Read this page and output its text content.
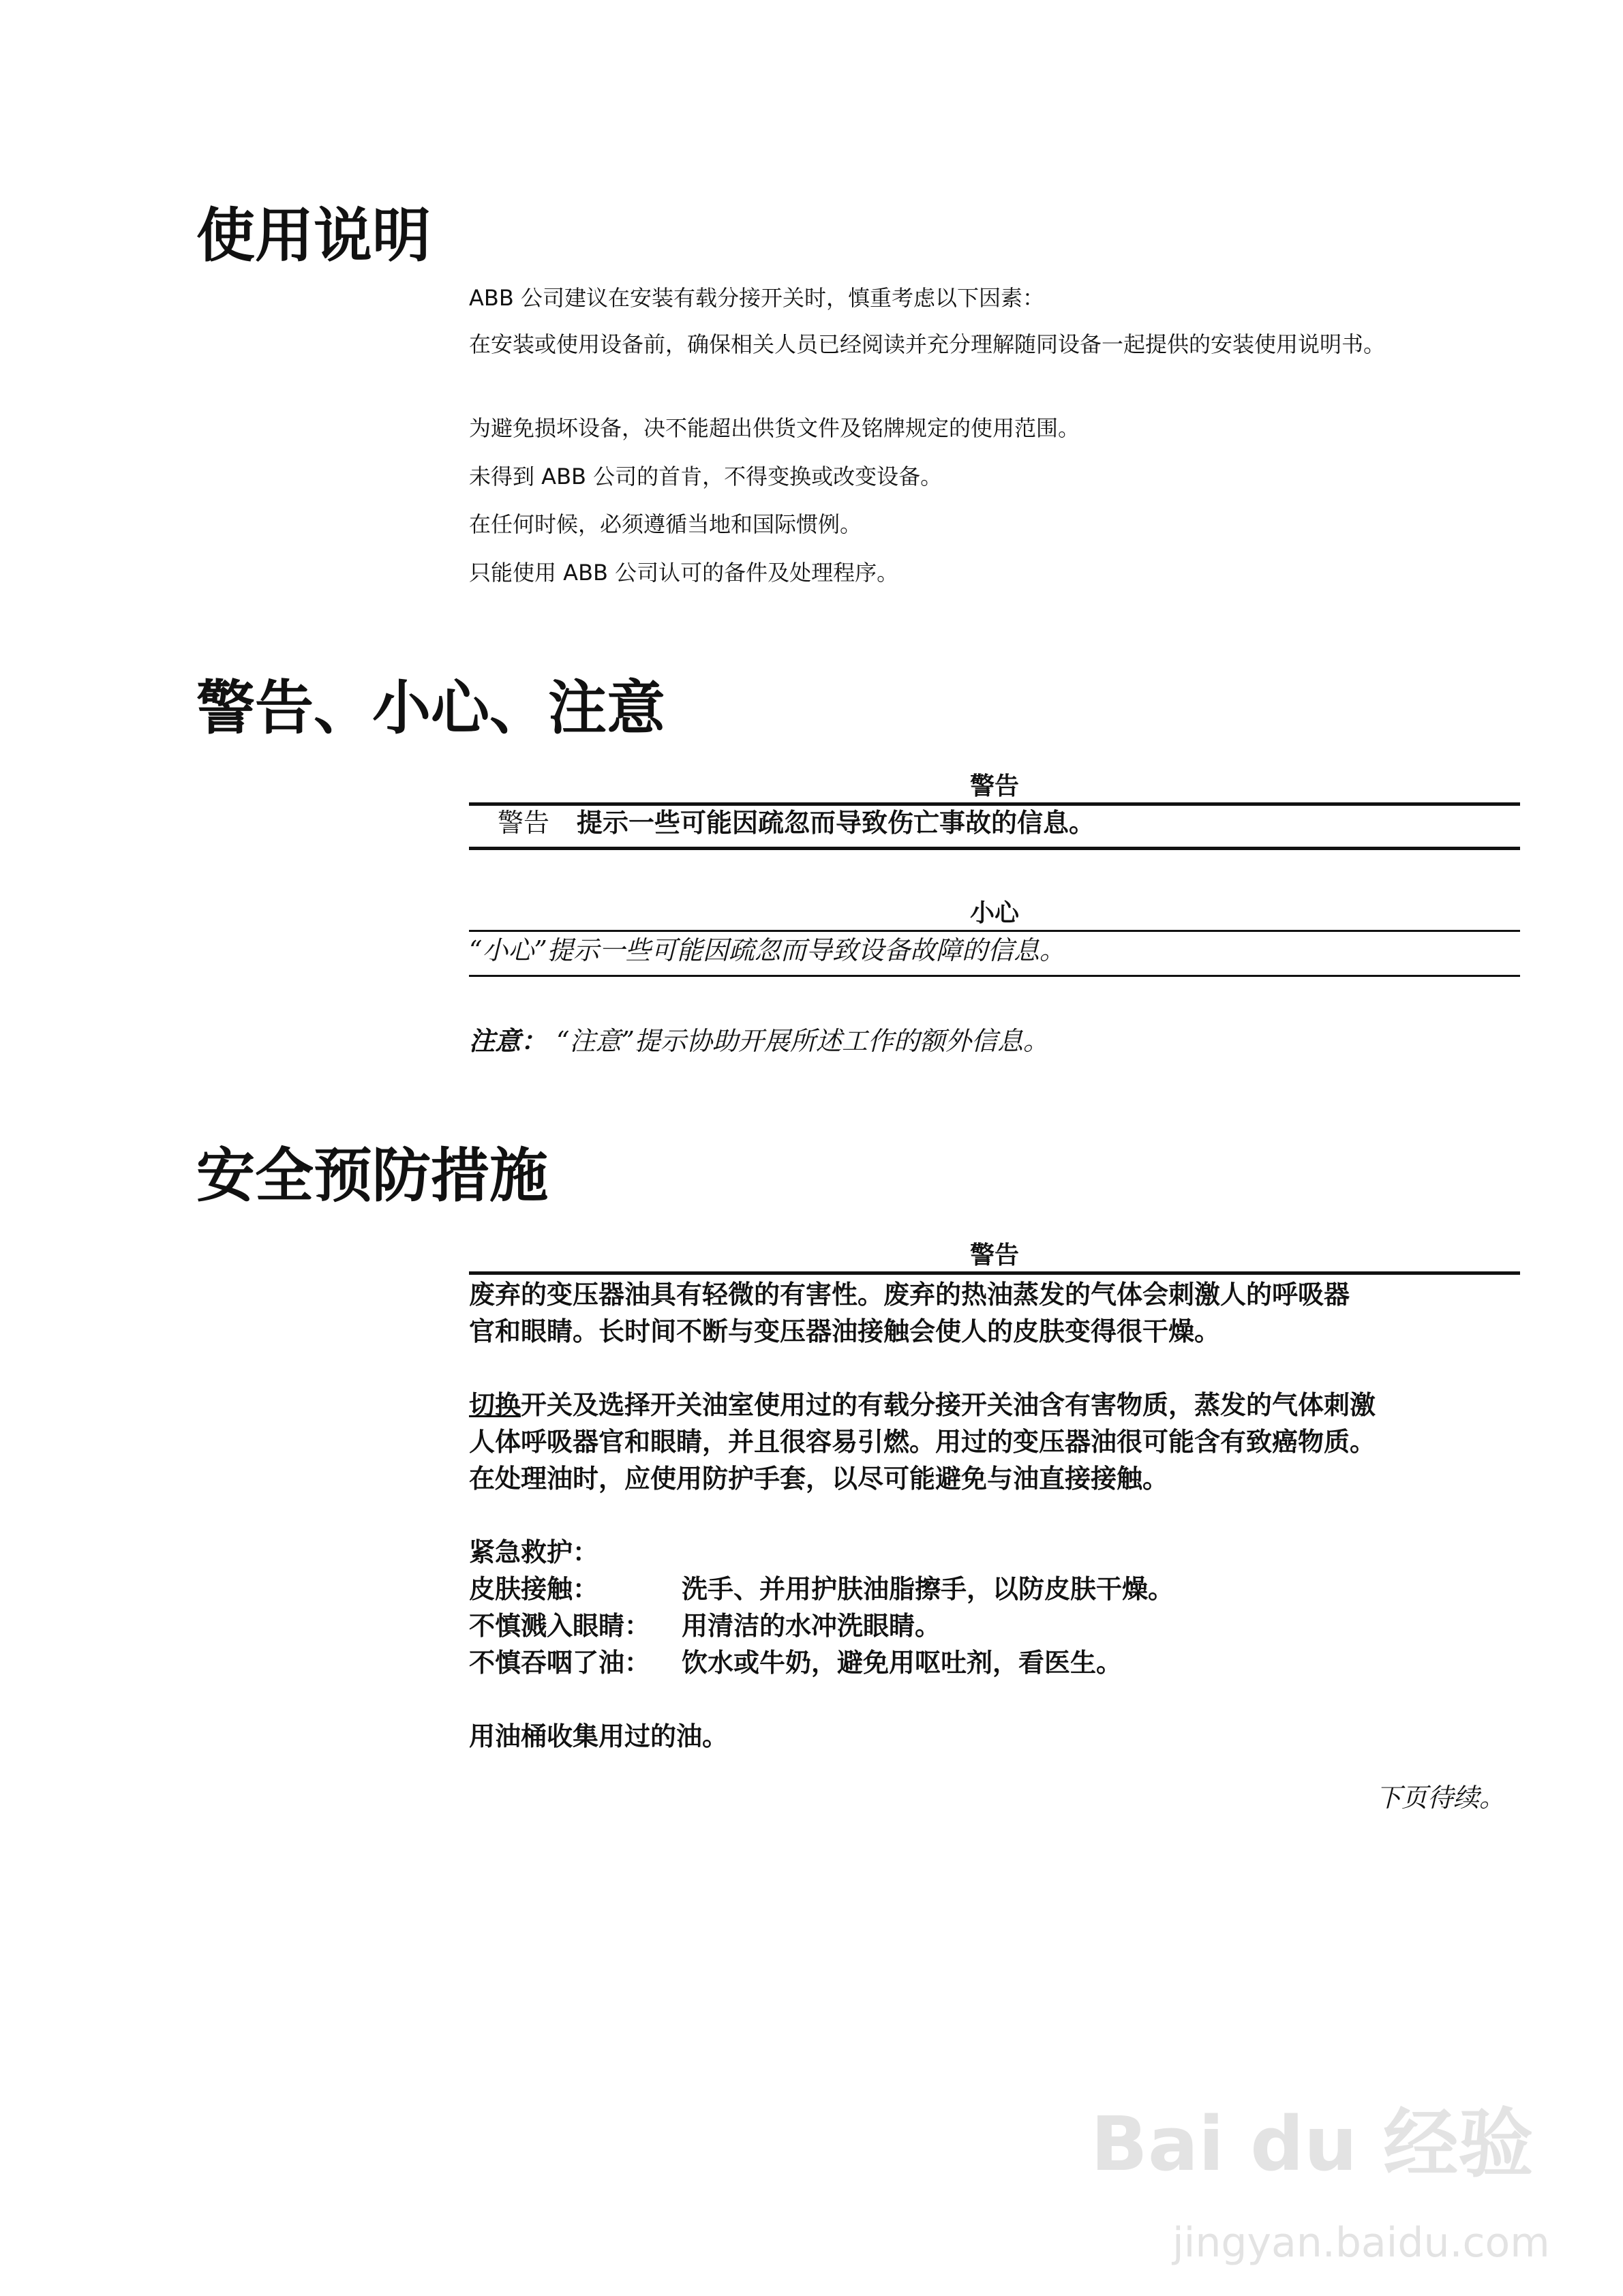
使用说明
ABB 公司建议在安装有载分接开关时，慎重考虑以下因素：
在安装或使用设备前，确保相关人员已经阅读并充分理解随同设备一起提供的安装使用说明书。
为避免损坏设备，决不能超出供货文件及铭牌规定的使用范围。
未得到 ABB 公司的首肯，不得变换或改变设备。
在任何时候，必须遵循当地和国际惯例。
只能使用 ABB 公司认可的备件及处理程序。
警告、小心、注意
警告
警告 提示一些可能因疏忽而导致伤亡事故的信息。
小心
“小心”提示一些可能因疏忽而导致设备故障的信息。
注意： “注意”提示协助开展所述工作的额外信息。
安全预防措施
警告
废弃的变压器油具有轻微的有害性。废弃的热油蒸发的气体会刺激人的呼吸器
官和眼睛。长时间不断与变压器油接触会使人的皮肤变得很干燥。
切换开关及选择开关油室使用过的有载分接开关油含有害物质，蒸发的气体刺激
人体呼吸器官和眼睛，并且很容易引燃。用过的变压器油很可能含有致癌物质。
在处理油时，应使用防护手套，以尽可能避免与油直接接触。
紧急救护：
皮肤接触：	洗手、并用护肤油脂擦手，以防皮肤干燥。
不慎溅入眼睛： 用清洁的水冲洗眼睛。
不慎吞咽了油： 饮水或牛奶，避免用呕吐剂，看医生。
用油桶收集用过的油。
下页待续。
Bai du 经验
jingyan.baidu.com
